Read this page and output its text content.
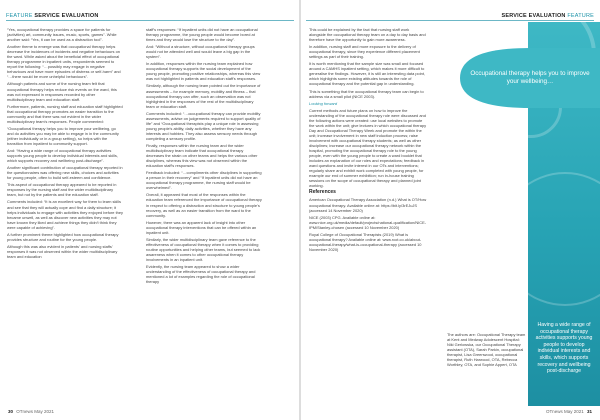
FEATURE SERVICE EVALUATION

“Yes, occupational therapy provides a space for patients for (activities) art, community issues, music, sports, games”. While another said: “Yes, it can be used as a distraction tool”.

Another theme to emerge was that occupational therapy helps decrease the incidences of incidents and negative behaviours on the ward. While asked about the beneficial effect of occupational therapy programme in inpatient units, respondents seemed to report the following: “…possibly may engage in negative behaviours and have more episodes of distress or self-harm” and “…there would be more unhelpful behaviours”.

Although patients and some of the nursing team felt that occupational therapy helps reduce risk events on the ward, this was not expressed in responses recorded by other multidisciplinary team and education staff.

Furthermore, patients, nursing staff and education staff highlighted that occupational therapy promotes an easier transition to the community and that there was not evident in the wider multidisciplinary team's responses. People commented:

“Occupational therapy helps you to improve your wellbeing, go and do activities you may be able to engage in in the community (either individually or in a group setting), so helps with the transition from inpatient to community support.

And: “Having a wide range of occupational therapy activities supports young people to develop individual interests and skills, which supports recovery and wellbeing post-discharge”.

Another significant contribution of occupational therapy reported in the questionnaires was offering new skills, choices and activities for young people, often to build self-esteem and confidence.

This aspect of occupational therapy appeared to be reported in responses by the nursing staff and the wider multidisciplinary team, but not by the patients and the education staff.

Comments included: “It is an excellent way for them to learn skills and see that they will actually cope and find a daily structure; it helps individuals to engage with activities they enjoyed before they became unwell, as well as discover new activities they may not have known they liked and achieve things they didn't think they were capable of achieving”.

A further prominent theme highlighted how occupational therapy provides structure and routine for the young people.

Although this was also evident in patients' and nursing staffs' responses it was not observed within the wider multidisciplinary team and education

staff's responses: “If inpatient units did not have an occupational therapy programme, the young people would become bored at times and they would lose the structure to the day”.

And: “Without a structure, without occupational therapy groups would not be attended well and would leave a big gap in the system”.

In addition, responses within the nursing team explained how occupational therapy supports the social development of the young people, promoting positive relationships, whereas this view was not highlighted in patients and education staff's responses.

Similarly, although the nursing team pointed out the importance of assessments – for example memory, mobility and fitness – that occupational therapy can offer, such an observation was not highlighted in the responses of the rest of the multidisciplinary team or education staff.

Comments included: “…occupational therapy can provide mobility assessments, advise on judgements required to support quality of life” and “Occupational therapists play a unique role in assessing young people's ability, daily activities, whether they have any interests and hobbies. They also assess sensory needs through completing a sensory profile.

Finally, responses within the nursing team and the wider multidisciplinary team indicate that occupational therapy decreases the strain on other teams and helps the various other disciplines, whereas this view was not observed within the education staff's responses.

Feedback included: “…compliments other disciplines in supporting a person in their recovery” and “If inpatient units did not have an occupational therapy programme, the nursing staff would be overwhelmed”.

Overall, it appeared that most of the responses within the education team referenced the importance of occupational therapy in respect to offering a distraction and structure to young people's recovery, as well as an easier transition from the ward to the community.

However, there was an apparent lack of insight into other occupational therapy interventions that can be offered within an inpatient unit.

Similarly, the wider multidisciplinary team gave reference to the effectiveness of occupational therapy when it comes to providing routine opportunities and helping other teams, but seemed to lack awareness when it comes to other occupational therapy involvements in an inpatient unit.

Evidently, the nursing team appeared to show a wider understanding of the effectiveness of occupational therapy and mentioned a lot of examples regarding the role of occupational therapy

30 OTnews May 2021
SERVICE EVALUATION FEATURE

This could be explained by the fact that nursing staff work alongside the occupational therapy team on a day to day basis and therefore have the opportunity to gain more awareness.

In addition, nursing staff and more exposure to the delivery of occupational therapy, since they experience different placement settings as part of their training.

It is worth mentioning that the sample size was small and focused around a CAMHS inpatient setting, which makes it more difficult to generalise the findings. However, it is still an interesting data point, which highlights some existing attitudes towards the role of occupational therapy and the potential gap in understanding.

This is something that the occupational therapy team can begin to address via a small pilot (NICE 2003).

Looking forward

Current methods and future plans on how to improve the understanding of the occupational therapy role were discussed and the following actions were created: use local websites to promote the work within the unit; give lectures in which occupational therapy Day and Occupational Therapy Week and promote the within the unit; increase involvement in new staff induction process; raise involvement with occupational therapy students; as well as other disciplines; increase our occupational therapy network within the hospital, promoting the occupational therapy role to the young people, even with the young people to create a ward booklet that includes an explanation of our roles and expectations; feedback in ward questions and invite interest in our OTs and interventions; regularly share and exhibit work completed with young people, for example our end of summer exhibition; run in-house training sessions on the scope of occupational therapy and planned joint working.

References

American Occupational Therapy Association (n.d.) What is OT/How occupational therapy. Available online at: https://bit.ly/3rEJuJS (accessed 14 November 2020)

NICE (2003) CPG. Available online at: www.nice.org.uk/media/default/projects/national-qualification/NICE-IPM/Stanley-chosen (accessed 10 November 2020)

Royal College of Occupational Therapists (2019) What is occupational therapy? Available online at: www.rcot.co.uk/about-occupational-therapy/what-is-occupational-therapy (accessed 10 November 2020)

The authors are: Occupational Therapy team at Kent and Medway Adolescent Hospital: Niki Gerlowska, our Occupational Therapy assistant (OTA), Sarah Parkin, occupational therapist, Lisa Greenwood, occupational therapist, Ruth Harwood, OTA, Rebecca Worthley, OTA, and Sophie Appert, OTA

Occupational therapy helps you to improve your wellbeing…
Having a wide range of occupational therapy activities supports young people to develop individual interests and skills, which supports recovery and wellbeing post-discharge
OTnews May 2021 31
